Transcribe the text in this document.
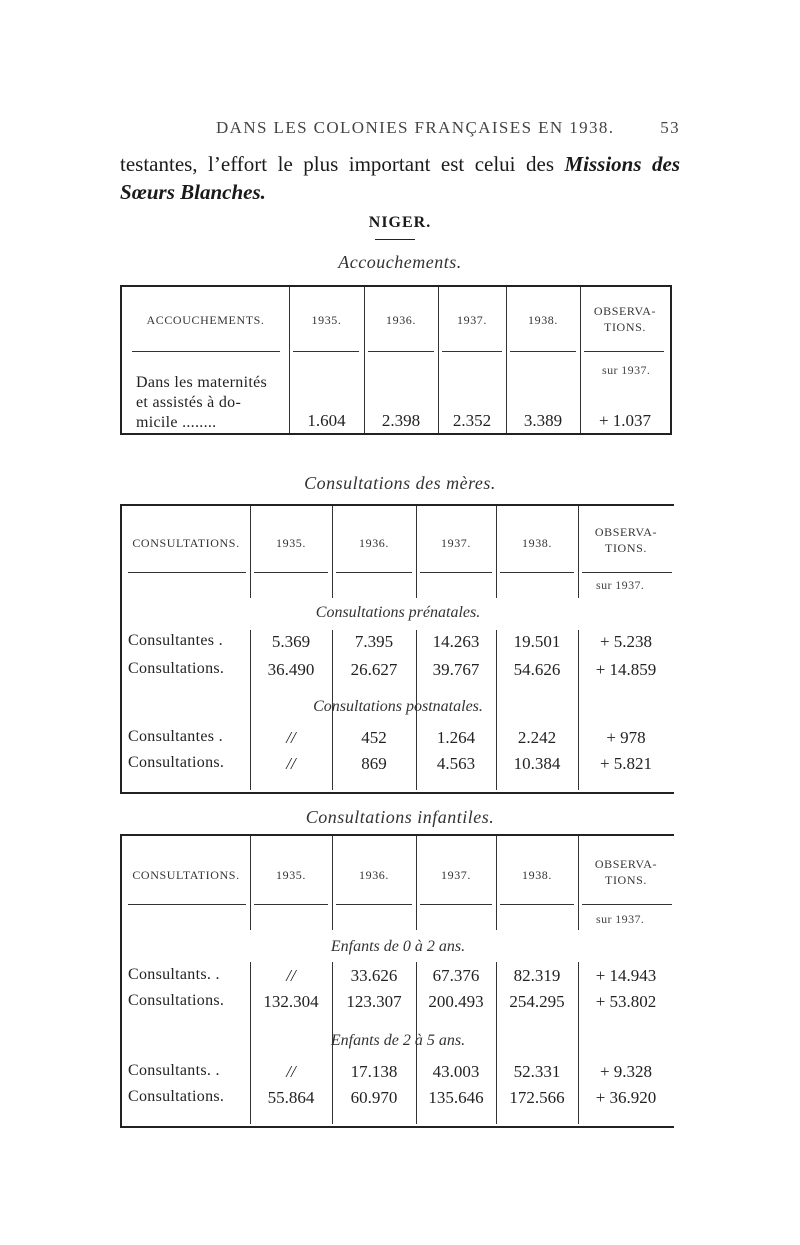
DANS LES COLONIES FRANÇAISES EN 1938.	53
testantes, l’effort le plus important est celui des Missions des Sœurs Blanches.
NIGER.
Accouchements.
ACCOUCHEMENTS.	1935.	1936.	1937.	1938.
OBSERVA-
TIONS.
sur 1937.
Dans les maternités
et assistés à do-
micile ........	1.604	2.398	2.352	3.389	+ 1.037
Consultations des mères.
CONSULTATIONS.	1935.	1936.	1937.	1938.
OBSERVA-
TIONS.
sur 1937.
Consultations prénatales.
Consultantes .	5.369	7.395	14.263	19.501	+ 5.238
Consultations.	36.490	26.627	39.767	54.626	+ 14.859
Consultations postnatales.
Consultantes .	//	452	1.264	2.242	+ 978
Consultations.	//	869	4.563	10.384	+ 5.821
Consultations infantiles.
CONSULTATIONS.	1935.	1936.	1937.	1938.
OBSERVA-
TIONS.
sur 1937.
Enfants de 0 à 2 ans.
Consultants. .	//	33.626	67.376	82.319	+ 14.943
Consultations.	132.304	123.307	200.493	254.295	+ 53.802
Enfants de 2 à 5 ans.
Consultants. .	//	17.138	43.003	52.331	+ 9.328
Consultations.	55.864	60.970	135.646	172.566	+ 36.920
